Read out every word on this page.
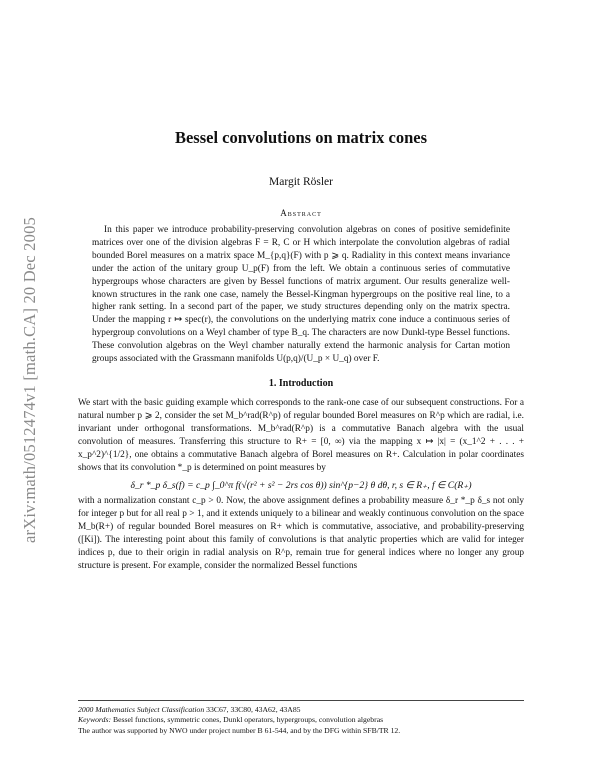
arXiv:math/0512474v1 [math.CA] 20 Dec 2005
Bessel convolutions on matrix cones
Margit Rösler
Abstract
In this paper we introduce probability-preserving convolution algebras on cones of positive semidefinite matrices over one of the division algebras F = R, C or H which interpolate the convolution algebras of radial bounded Borel measures on a matrix space M_{p,q}(F) with p ⩾ q. Radiality in this context means invariance under the action of the unitary group U_p(F) from the left. We obtain a continuous series of commutative hypergroups whose characters are given by Bessel functions of matrix argument. Our results generalize well-known structures in the rank one case, namely the Bessel-Kingman hypergroups on the positive real line, to a higher rank setting. In a second part of the paper, we study structures depending only on the matrix spectra. Under the mapping r ↦ spec(r), the convolutions on the underlying matrix cone induce a continuous series of hypergroup convolutions on a Weyl chamber of type B_q. The characters are now Dunkl-type Bessel functions. These convolution algebras on the Weyl chamber naturally extend the harmonic analysis for Cartan motion groups associated with the Grassmann manifolds U(p,q)/(U_p × U_q) over F.
1. Introduction

We start with the basic guiding example which corresponds to the rank-one case of our subsequent constructions. For a natural number p ⩾ 2, consider the set M_b^rad(R^p) of regular bounded Borel measures on R^p which are radial, i.e. invariant under orthogonal transformations. M_b^rad(R^p) is a commutative Banach algebra with the usual convolution of measures. Transferring this structure to R+ = [0, ∞) via the mapping x ↦ |x| = (x_1^2 + . . . + x_p^2)^{1/2}, one obtains a commutative Banach algebra of Borel measures on R+. Calculation in polar coordinates shows that its convolution *_p is determined on point measures by

δ_r *_p δ_s(f) = c_p ∫_0^π f(√(r² + s² − 2rs cos θ)) sin^{p−2} θ dθ, r, s ∈ R₊, f ∈ C(R₊)

with a normalization constant c_p > 0. Now, the above assignment defines a probability measure δ_r *_p δ_s not only for integer p but for all real p > 1, and it extends uniquely to a bilinear and weakly continuous convolution on the space M_b(R+) of regular bounded Borel measures on R+ which is commutative, associative, and probability-preserving ([Ki]). The interesting point about this family of convolutions is that analytic properties which are valid for integer indices p, due to their origin in radial analysis on R^p, remain true for general indices where no longer any group structure is present. For example, consider the normalized Bessel functions

2000 Mathematics Subject Classification 33C67, 33C80, 43A62, 43A85

Keywords: Bessel functions, symmetric cones, Dunkl operators, hypergroups, convolution algebras

The author was supported by NWO under project number B 61-544, and by the DFG within SFB/TR 12.
